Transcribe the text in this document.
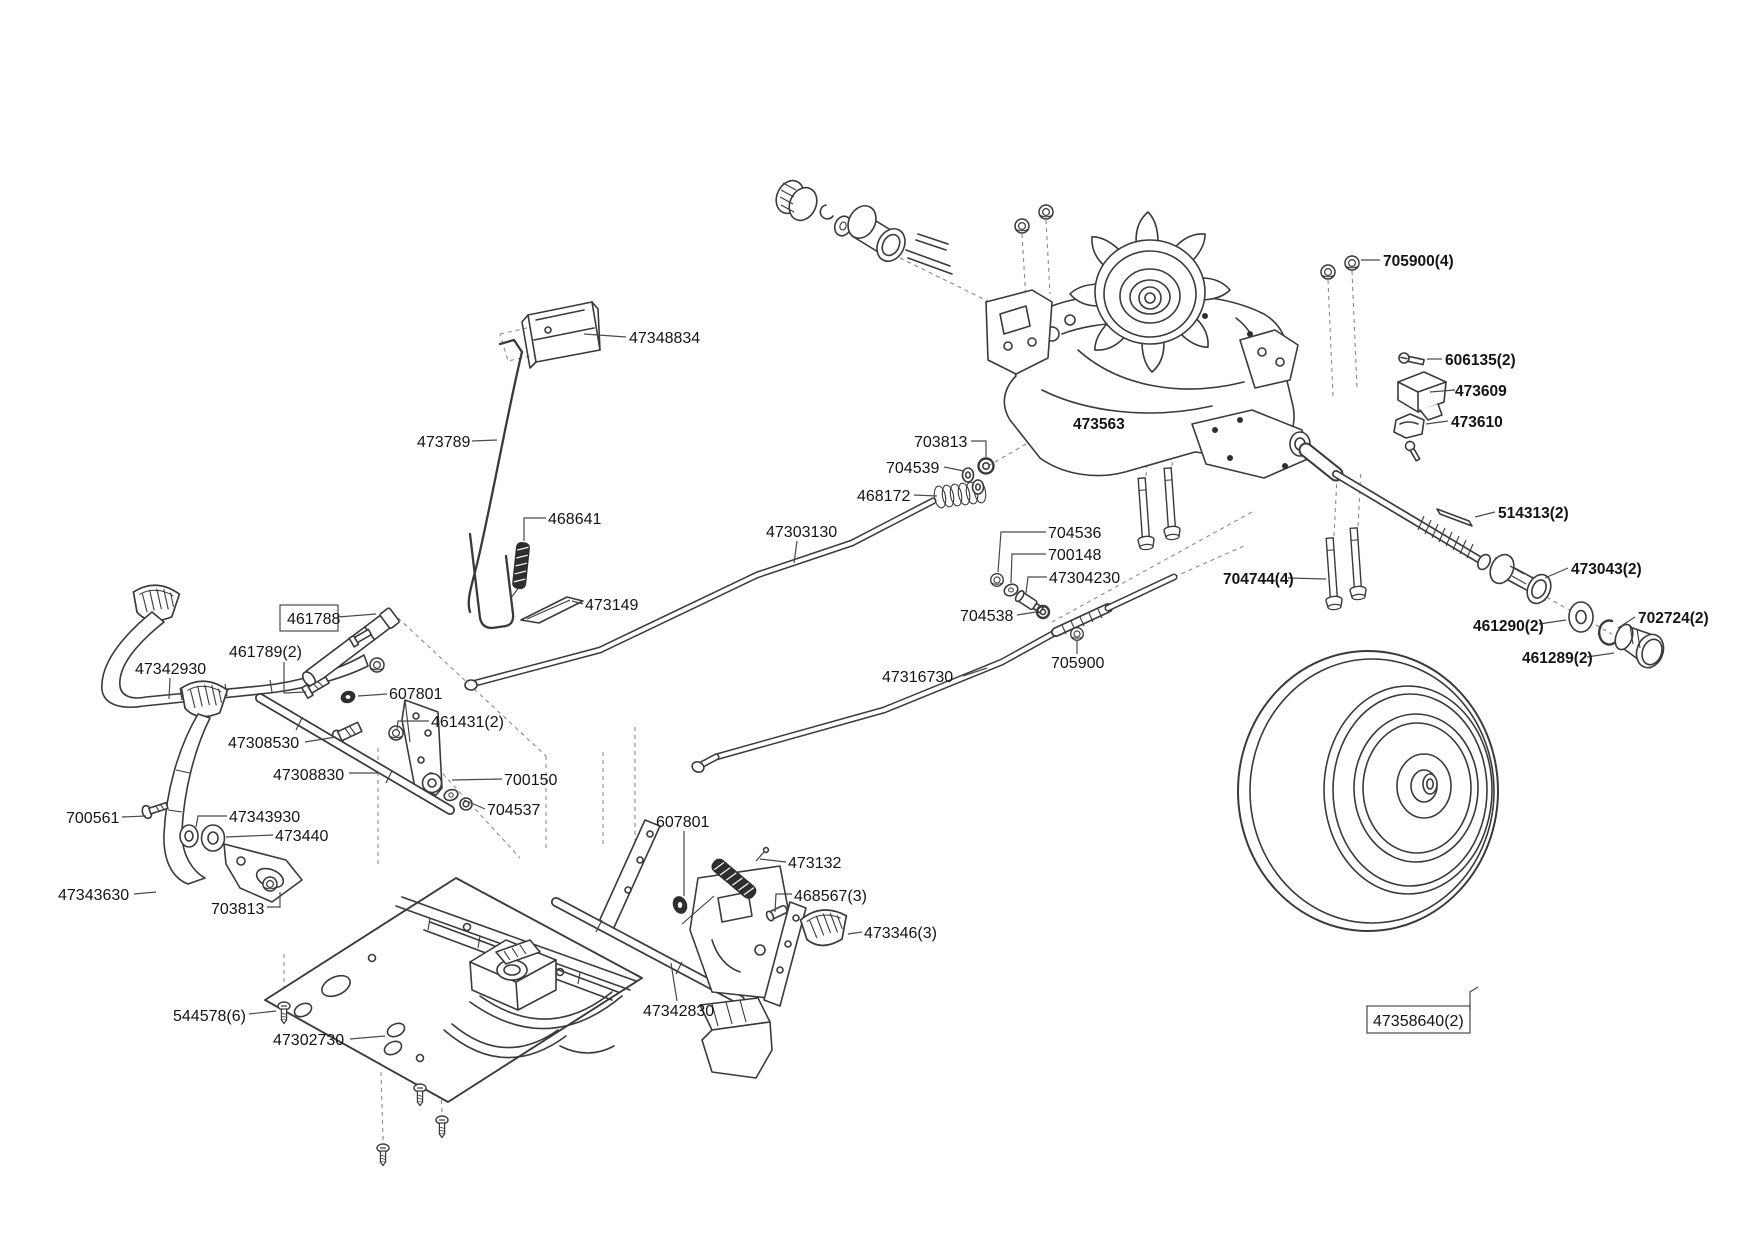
47348834
473789
468641
473149
461788
461789(2)
47342930
607801
461431(2)
47308530
47308830	700150
704537
700561	47343930
473440
47343630
703813
544578(6)
47302730
47303130
468172
704539
703813
704536
700148
47304230
704538
705900
47316730
607801
473132
468567(3)
473346(3)
47342830
473563
705900(4)
606135(2)
473609
473610
514313(2)
704744(4)
473043(2)
461290(2)	702724(2)
461289(2)
47358640(2)
